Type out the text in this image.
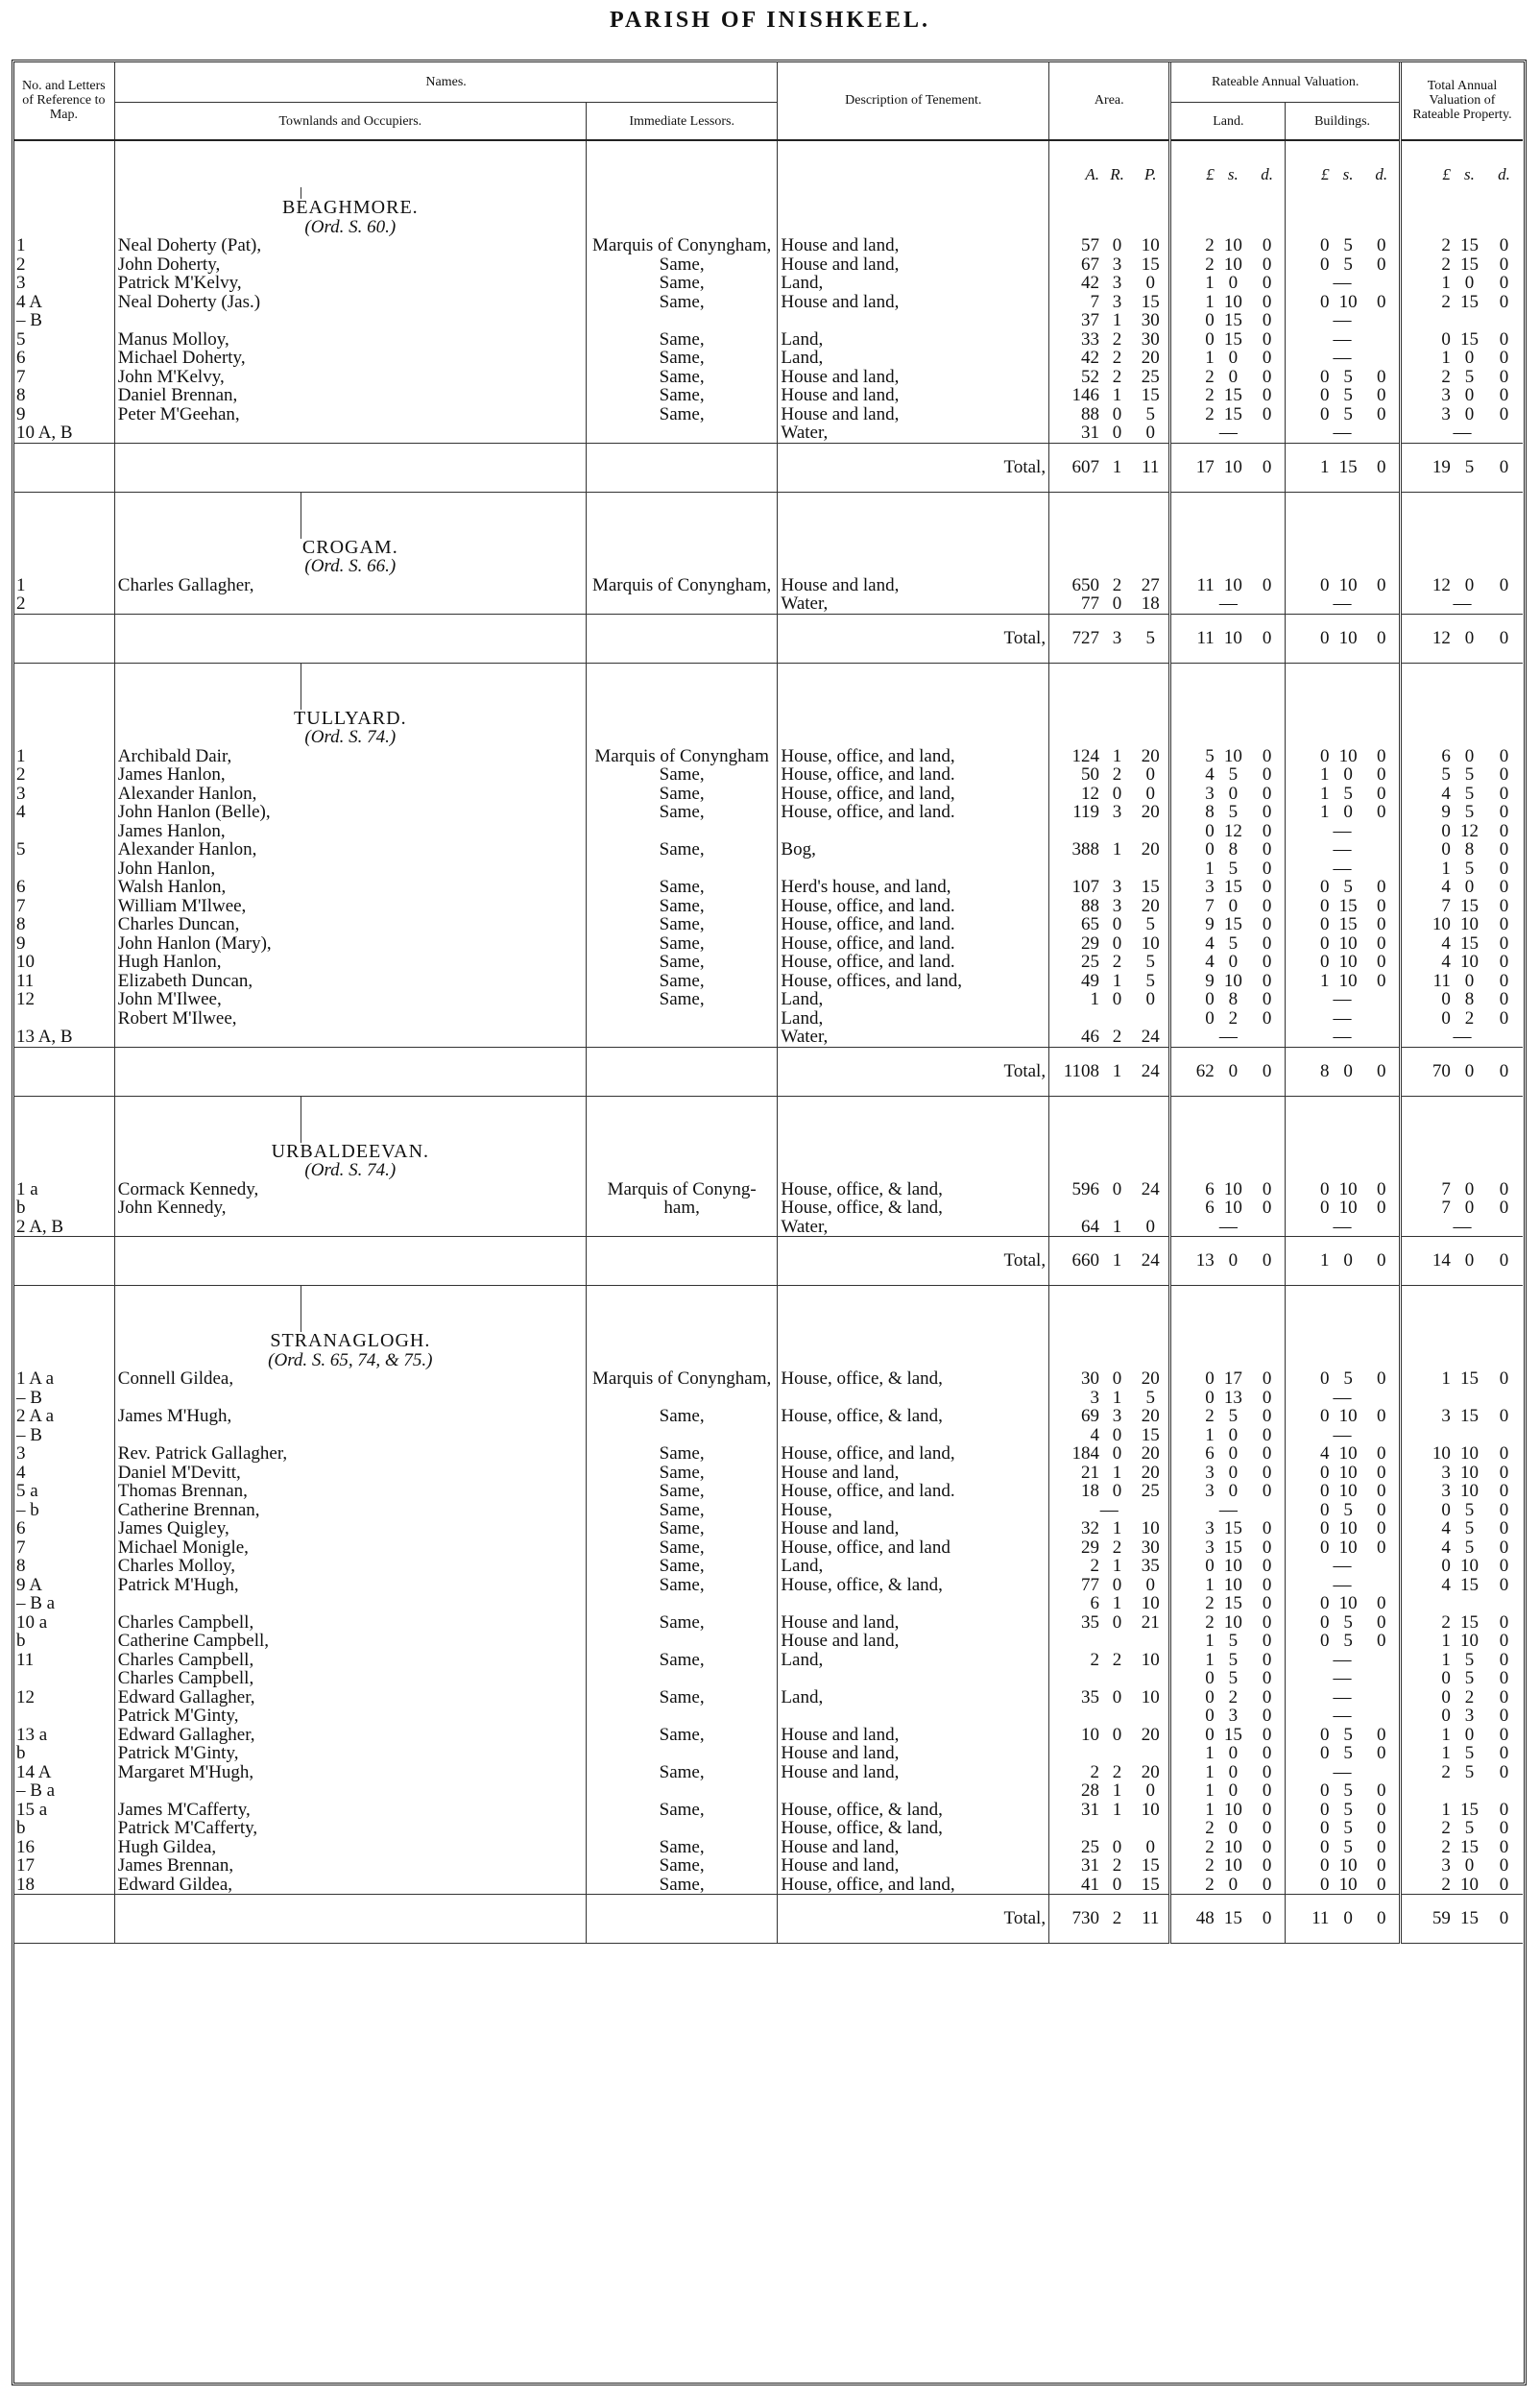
PARISH OF INISHKEEL.
No. and Letters of Reference to Map.	Names.			Description of Tenement.	Area.			Rateable Annual Valuation.						Total Annual Valuation of Rateable Property.		
	Townlands and Occupiers.		Immediate Lessors.					Land.			Buildings.					
					A.	R.	P.	£	s.	d.	£	s.	d.	£	s.	d.

	BEAGHMORE.															
	(Ord. S. 60.)															
1	Neal Doherty (Pat),		Marquis of Conyngham,	House and land,	57	0	10	2	10	0	0	5	0	2	15	0
2	John Doherty,		Same,	House and land,	67	3	15	2	10	0	0	5	0	2	15	0
3	Patrick M'Kelvy,		Same,	Land,	42	3	0	1	0	0	—			1	0	0
4 A	Neal Doherty (Jas.)		Same,	House and land,	7	3	15	1	10	0	0	10	0	2	15	0
– B					37	1	30	0	15	0	—					
5	Manus Molloy,		Same,	Land,	33	2	30	0	15	0	—			0	15	0
6	Michael Doherty,		Same,	Land,	42	2	20	1	0	0	—			1	0	0
7	John M'Kelvy,		Same,	House and land,	52	2	25	2	0	0	0	5	0	2	5	0
8	Daniel Brennan,		Same,	House and land,	146	1	15	2	15	0	0	5	0	3	0	0
9	Peter M'Geehan,		Same,	House and land,	88	0	5	2	15	0	0	5	0	3	0	0
10 A, B				Water,	31	0	0	—			—			—		
				Total,	607	1	11	17	10	0	1	15	0	19	5	0

	CROGAM.															
	(Ord. S. 66.)															
1	Charles Gallagher,		Marquis of Conyngham,	House and land,	650	2	27	11	10	0	0	10	0	12	0	0
2				Water,	77	0	18	—			—			—		
				Total,	727	3	5	11	10	0	0	10	0	12	0	0

	TULLYARD.															
	(Ord. S. 74.)															
1	Archibald Dair,		Marquis of Conyngham	House, office, and land,	124	1	20	5	10	0	0	10	0	6	0	0
2	James Hanlon,		Same,	House, office, and land.	50	2	0	4	5	0	1	0	0	5	5	0
3	Alexander Hanlon,		Same,	House, office, and land,	12	0	0	3	0	0	1	5	0	4	5	0
4	John Hanlon (Belle),		Same,	House, office, and land.	119	3	20	8	5	0	1	0	0	9	5	0
	James Hanlon,							0	12	0	—			0	12	0
5	Alexander Hanlon,		Same,	Bog,	388	1	20	0	8	0	—			0	8	0
	John Hanlon,							1	5	0	—			1	5	0
6	Walsh Hanlon,		Same,	Herd's house, and land,	107	3	15	3	15	0	0	5	0	4	0	0
7	William M'Ilwee,		Same,	House, office, and land.	88	3	20	7	0	0	0	15	0	7	15	0
8	Charles Duncan,		Same,	House, office, and land.	65	0	5	9	15	0	0	15	0	10	10	0
9	John Hanlon (Mary),		Same,	House, office, and land.	29	0	10	4	5	0	0	10	0	4	15	0
10	Hugh Hanlon,		Same,	House, office, and land.	25	2	5	4	0	0	0	10	0	4	10	0
11	Elizabeth Duncan,		Same,	House, offices, and land,	49	1	5	9	10	0	1	10	0	11	0	0
12	John M'Ilwee,		Same,	Land,	1	0	0	0	8	0	—			0	8	0
	Robert M'Ilwee,			Land,				0	2	0	—			0	2	0
13 A, B				Water,	46	2	24	—			—			—		
				Total,	1108	1	24	62	0	0	8	0	0	70	0	0

	URBALDEEVAN.															
	(Ord. S. 74.)															
1 a	Cormack Kennedy,		Marquis of Conyng-	House, office, & land,	596	0	24	6	10	0	0	10	0	7	0	0
b	John Kennedy,		ham,	House, office, & land,				6	10	0	0	10	0	7	0	0
2 A, B				Water,	64	1	0	—			—			—		
				Total,	660	1	24	13	0	0	1	0	0	14	0	0

	STRANAGLOGH.															
	(Ord. S. 65, 74, & 75.)															
1 A a	Connell Gildea,		Marquis of Conyngham,	House, office, & land,	30	0	20	0	17	0	0	5	0	1	15	0
– B					3	1	5	0	13	0	—					
2 A a	James M'Hugh,		Same,	House, office, & land,	69	3	20	2	5	0	0	10	0	3	15	0
– B					4	0	15	1	0	0	—					
3	Rev. Patrick Gallagher,		Same,	House, office, and land,	184	0	20	6	0	0	4	10	0	10	10	0
4	Daniel M'Devitt,		Same,	House and land,	21	1	20	3	0	0	0	10	0	3	10	0
5 a	Thomas Brennan,		Same,	House, office, and land.	18	0	25	3	0	0	0	10	0	3	10	0
– b	Catherine Brennan,		Same,	House,	—			—			0	5	0	0	5	0
6	James Quigley,		Same,	House and land,	32	1	10	3	15	0	0	10	0	4	5	0
7	Michael Monigle,		Same,	House, office, and land	29	2	30	3	15	0	0	10	0	4	5	0
8	Charles Molloy,		Same,	Land,	2	1	35	0	10	0	—			0	10	0
9 A	Patrick M'Hugh,		Same,	House, office, & land,	77	0	0	1	10	0	—			4	15	0
– B a					6	1	10	2	15	0	0	10	0			
10 a	Charles Campbell,		Same,	House and land,	35	0	21	2	10	0	0	5	0	2	15	0
b	Catherine Campbell,			House and land,				1	5	0	0	5	0	1	10	0
11	Charles Campbell,		Same,	Land,	2	2	10	1	5	0	—			1	5	0
	Charles Campbell,							0	5	0	—			0	5	0
12	Edward Gallagher,		Same,	Land,	35	0	10	0	2	0	—			0	2	0
	Patrick M'Ginty,							0	3	0	—			0	3	0
13 a	Edward Gallagher,		Same,	House and land,	10	0	20	0	15	0	0	5	0	1	0	0
b	Patrick M'Ginty,			House and land,				1	0	0	0	5	0	1	5	0
14 A	Margaret M'Hugh,		Same,	House and land,	2	2	20	1	0	0	—			2	5	0
– B a					28	1	0	1	0	0	0	5	0			
15 a	James M'Cafferty,		Same,	House, office, & land,	31	1	10	1	10	0	0	5	0	1	15	0
b	Patrick M'Cafferty,			House, office, & land,				2	0	0	0	5	0	2	5	0
16	Hugh Gildea,		Same,	House and land,	25	0	0	2	10	0	0	5	0	2	15	0
17	James Brennan,		Same,	House and land,	31	2	15	2	10	0	0	10	0	3	0	0
18	Edward Gildea,		Same,	House, office, and land,	41	0	15	2	0	0	0	10	0	2	10	0
				Total,	730	2	11	48	15	0	11	0	0	59	15	0
